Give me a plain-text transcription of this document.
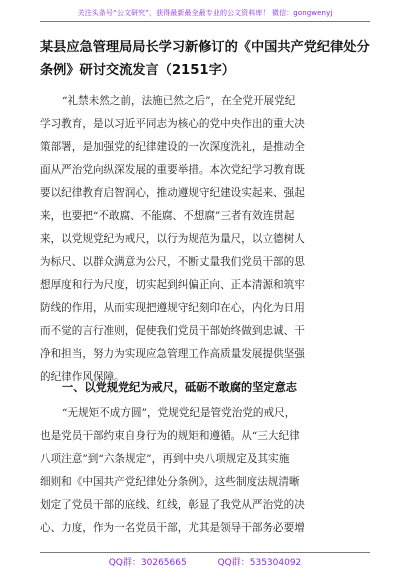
关注头条号“公文研究”，获得最新最全最专业的公文资料库！ 微信：gongwenyj
某县应急管理局局长学习新修订的《中国共产党纪律处分
条例》研讨交流发言（2151字）
“礼禁未然之前，法施已然之后”，在全党开展党纪
学习教育，是以习近平同志为核心的党中央作出的重大决
策部署，是加强党的纪律建设的一次深度洗礼，是推动全
面从严治党向纵深发展的重要举措。本次党纪学习教育既
要以纪律教育启智润心，推动遵规守纪建设实起来、强起
来，也要把“不敢腐、不能腐、不想腐”三者有效连贯起
来，以党规党纪为戒尺，以行为规范为量尺，以立德树人
为标尺、以群众满意为公尺，不断丈量我们党员干部的思
想厚度和行为尺度，切实起到纠偏正向、正本清源和筑牢
防线的作用，从而实现把遵规守纪刻印在心，内化为日用
而不觉的言行准则，促使我们党员干部始终做到忠诚、干
净和担当，努力为实现应急管理工作高质量发展提供坚强
的纪律作风保障。
一、以党规党纪为戒尺，砥砺不敢腐的坚定意志
“无规矩不成方圆”，党规党纪是管党治党的戒尺，
也是党员干部约束自身行为的规矩和遵循。从“三大纪律
八项注意”到“六条规定”，再到中央八项规定及其实施
细则和《中国共产党纪律处分条例》，这些制度法规清晰
划定了党员干部的底线、红线，彰显了我党从严治党的决
心、力度，作为一名党员干部，尤其是领导干部务必要增
QQ群：30265665	QQ群：535304092
